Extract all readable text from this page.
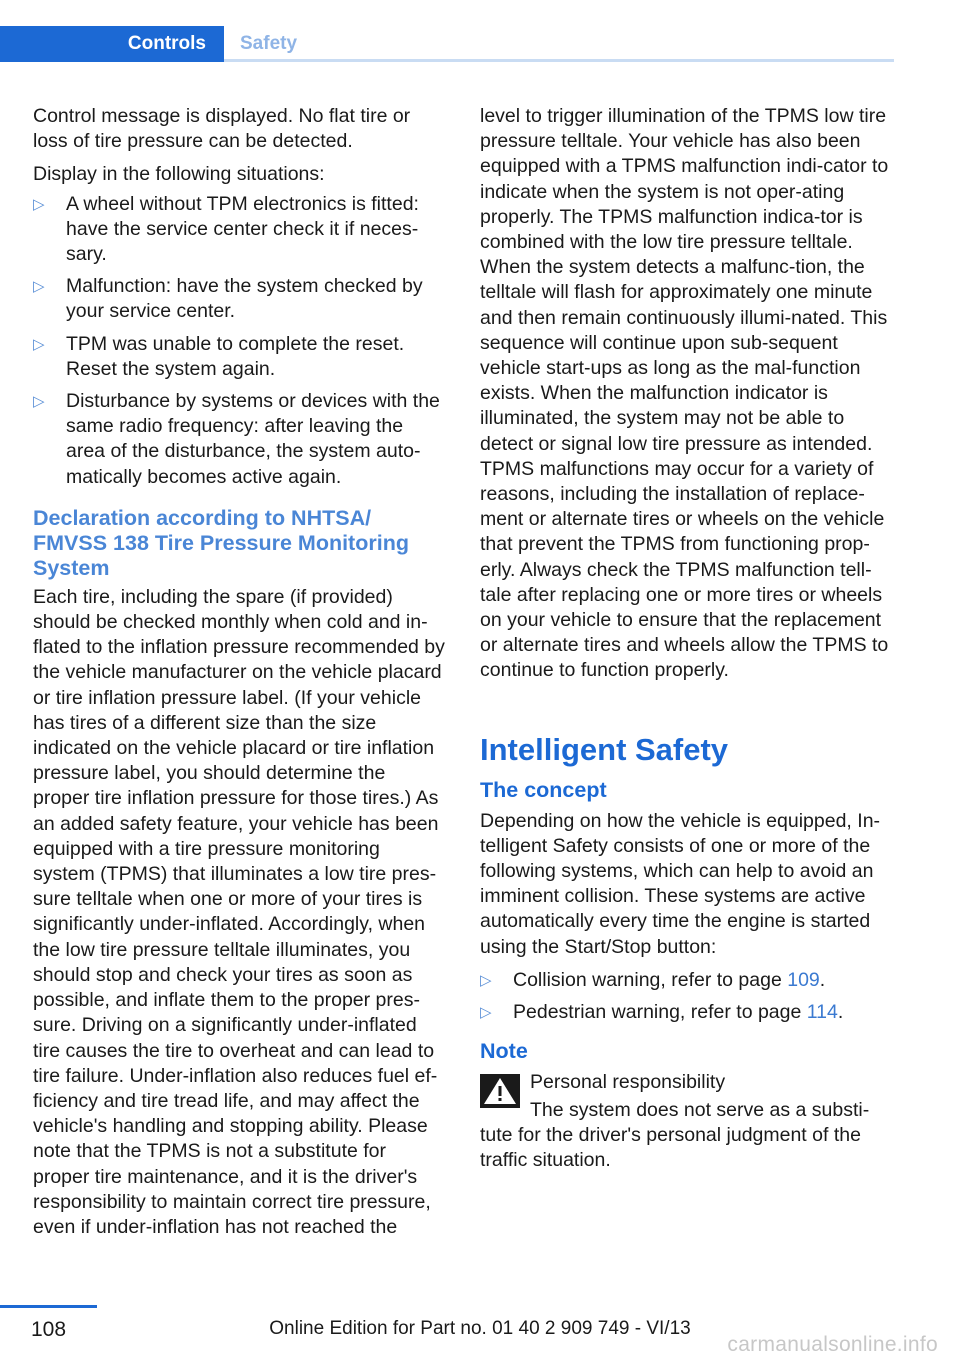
Controls	Safety

Control message is displayed. No flat tire or loss of tire pressure can be detected.

Display in the following situations:

▷ A wheel without TPM electronics is fitted: have the service center check it if neces‐sary.
▷ Malfunction: have the system checked by your service center.
▷ TPM was unable to complete the reset. Reset the system again.
▷ Disturbance by systems or devices with the same radio frequency: after leaving the area of the disturbance, the system auto‐matically becomes active again.
Declaration according to NHTSA/ FMVSS 138 Tire Pressure Monitoring System

Each tire, including the spare (if provided) should be checked monthly when cold and in‐flated to the inflation pressure recommended by the vehicle manufacturer on the vehicle placard or tire inflation pressure label. (If your vehicle has tires of a different size than the size indicated on the vehicle placard or tire inflation pressure label, you should determine the proper tire inflation pressure for those tires.) As an added safety feature, your vehicle has been equipped with a tire pressure monitoring system (TPMS) that illuminates a low tire pres‐sure telltale when one or more of your tires is significantly under-inflated. Accordingly, when the low tire pressure telltale illuminates, you should stop and check your tires as soon as possible, and inflate them to the proper pres‐sure. Driving on a significantly under-inflated tire causes the tire to overheat and can lead to tire failure. Under-inflation also reduces fuel ef‐ficiency and tire tread life, and may affect the vehicle's handling and stopping ability. Please note that the TPMS is not a substitute for proper tire maintenance, and it is the driver's responsibility to maintain correct tire pressure, even if under-inflation has not reached the

level to trigger illumination of the TPMS low tire pressure telltale. Your vehicle has also been equipped with a TPMS malfunction indi‐cator to indicate when the system is not oper‐ating properly. The TPMS malfunction indica‐tor is combined with the low tire pressure telltale. When the system detects a malfunc‐tion, the telltale will flash for approximately one minute and then remain continuously illumi‐nated. This sequence will continue upon sub‐sequent vehicle start-ups as long as the mal‐function exists. When the malfunction indicator is illuminated, the system may not be able to detect or signal low tire pressure as intended. TPMS malfunctions may occur for a variety of reasons, including the installation of replace‐ment or alternate tires or wheels on the vehicle that prevent the TPMS from functioning prop‐erly. Always check the TPMS malfunction tell‐tale after replacing one or more tires or wheels on your vehicle to ensure that the replacement or alternate tires and wheels allow the TPMS to continue to function properly.

Intelligent Safety
The concept

Depending on how the vehicle is equipped, In‐telligent Safety consists of one or more of the following systems, which can help to avoid an imminent collision. These systems are active automatically every time the engine is started using the Start/Stop button:

▷ Collision warning, refer to page 109.
▷ Pedestrian warning, refer to page 114.
Note

Personal responsibility

The system does not serve as a substi‐tute for the driver's personal judgment of the traffic situation.

108	Online Edition for Part no. 01 40 2 909 749 - VI/13
carmanualsonline.info
